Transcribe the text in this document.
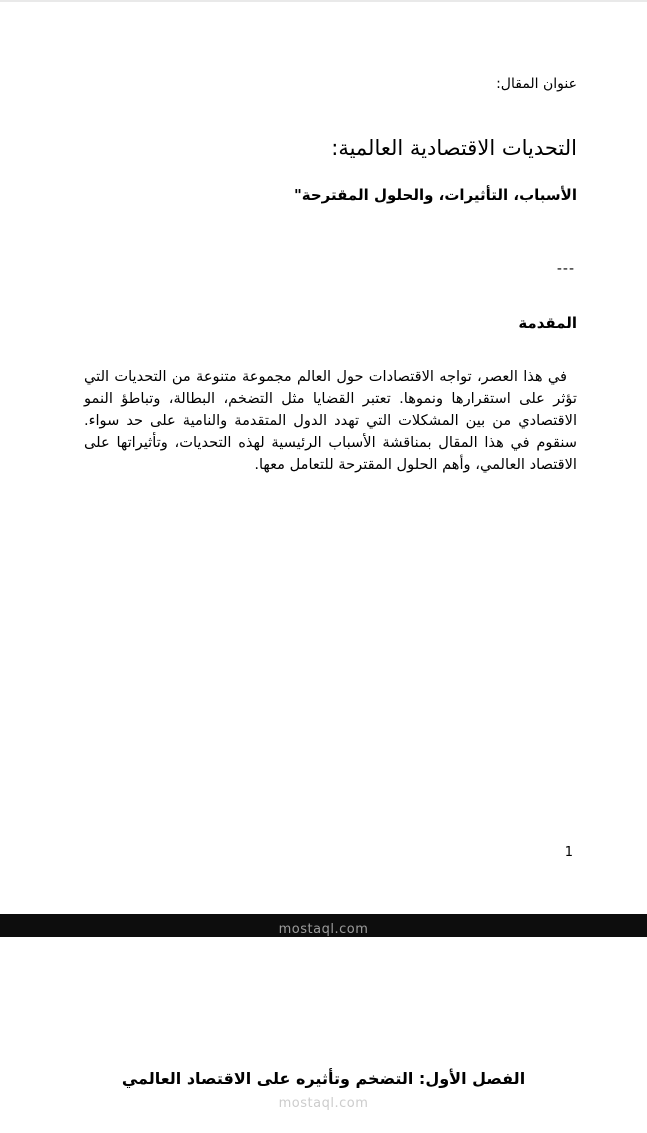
عنوان المقال:
التحديات الاقتصادية العالمية:
الأسباب، التأثيرات، والحلول المقترحة"
---
المقدمة
في هذا العصر، تواجه الاقتصادات حول العالم مجموعة متنوعة من التحديات التي تؤثر على استقرارها ونموها. تعتبر القضايا مثل التضخم، البطالة، وتباطؤ النمو الاقتصادي من بين المشكلات التي تهدد الدول المتقدمة والنامية على حد سواء. سنقوم في هذا المقال بمناقشة الأسباب الرئيسية لهذه التحديات، وتأثيراتها على الاقتصاد العالمي، وأهم الحلول المقترحة للتعامل معها.
1
mostaql.com
الفصل الأول: التضخم وتأثيره على الاقتصاد العالمي
mostaql.com
